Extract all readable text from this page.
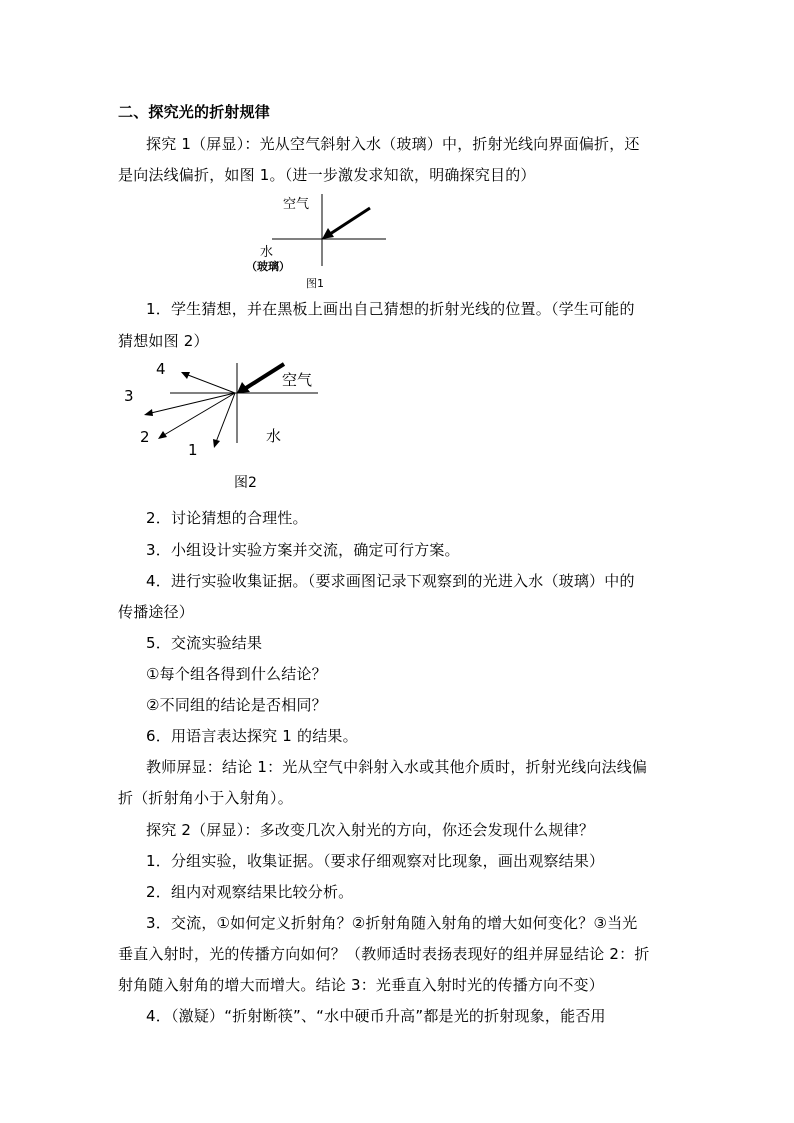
二、探究光的折射规律
探究 1（屏显）：光从空气斜射入水（玻璃）中，折射光线向界面偏折，还
是向法线偏折，如图 1。（进一步激发求知欲，明确探究目的）
空气
水
（玻璃）
图1
1．学生猜想，并在黑板上画出自己猜想的折射光线的位置。（学生可能的
猜想如图 2）
空气
水
4
3
2
1
图2
2．讨论猜想的合理性。
3．小组设计实验方案并交流，确定可行方案。
4．进行实验收集证据。（要求画图记录下观察到的光进入水（玻璃）中的
传播途径）
5．交流实验结果
①每个组各得到什么结论？
②不同组的结论是否相同？
6．用语言表达探究 1 的结果。
教师屏显：结论 1：光从空气中斜射入水或其他介质时，折射光线向法线偏
折（折射角小于入射角）。
探究 2（屏显）：多改变几次入射光的方向，你还会发现什么规律？
1．分组实验，收集证据。（要求仔细观察对比现象，画出观察结果）
2．组内对观察结果比较分析。
3．交流，①如何定义折射角？②折射角随入射角的增大如何变化？③当光
垂直入射时，光的传播方向如何？（教师适时表扬表现好的组并屏显结论 2：折
射角随入射角的增大而增大。结论 3：光垂直入射时光的传播方向不变）
4．（激疑）“折射断筷”、“水中硬币升高”都是光的折射现象，能否用
